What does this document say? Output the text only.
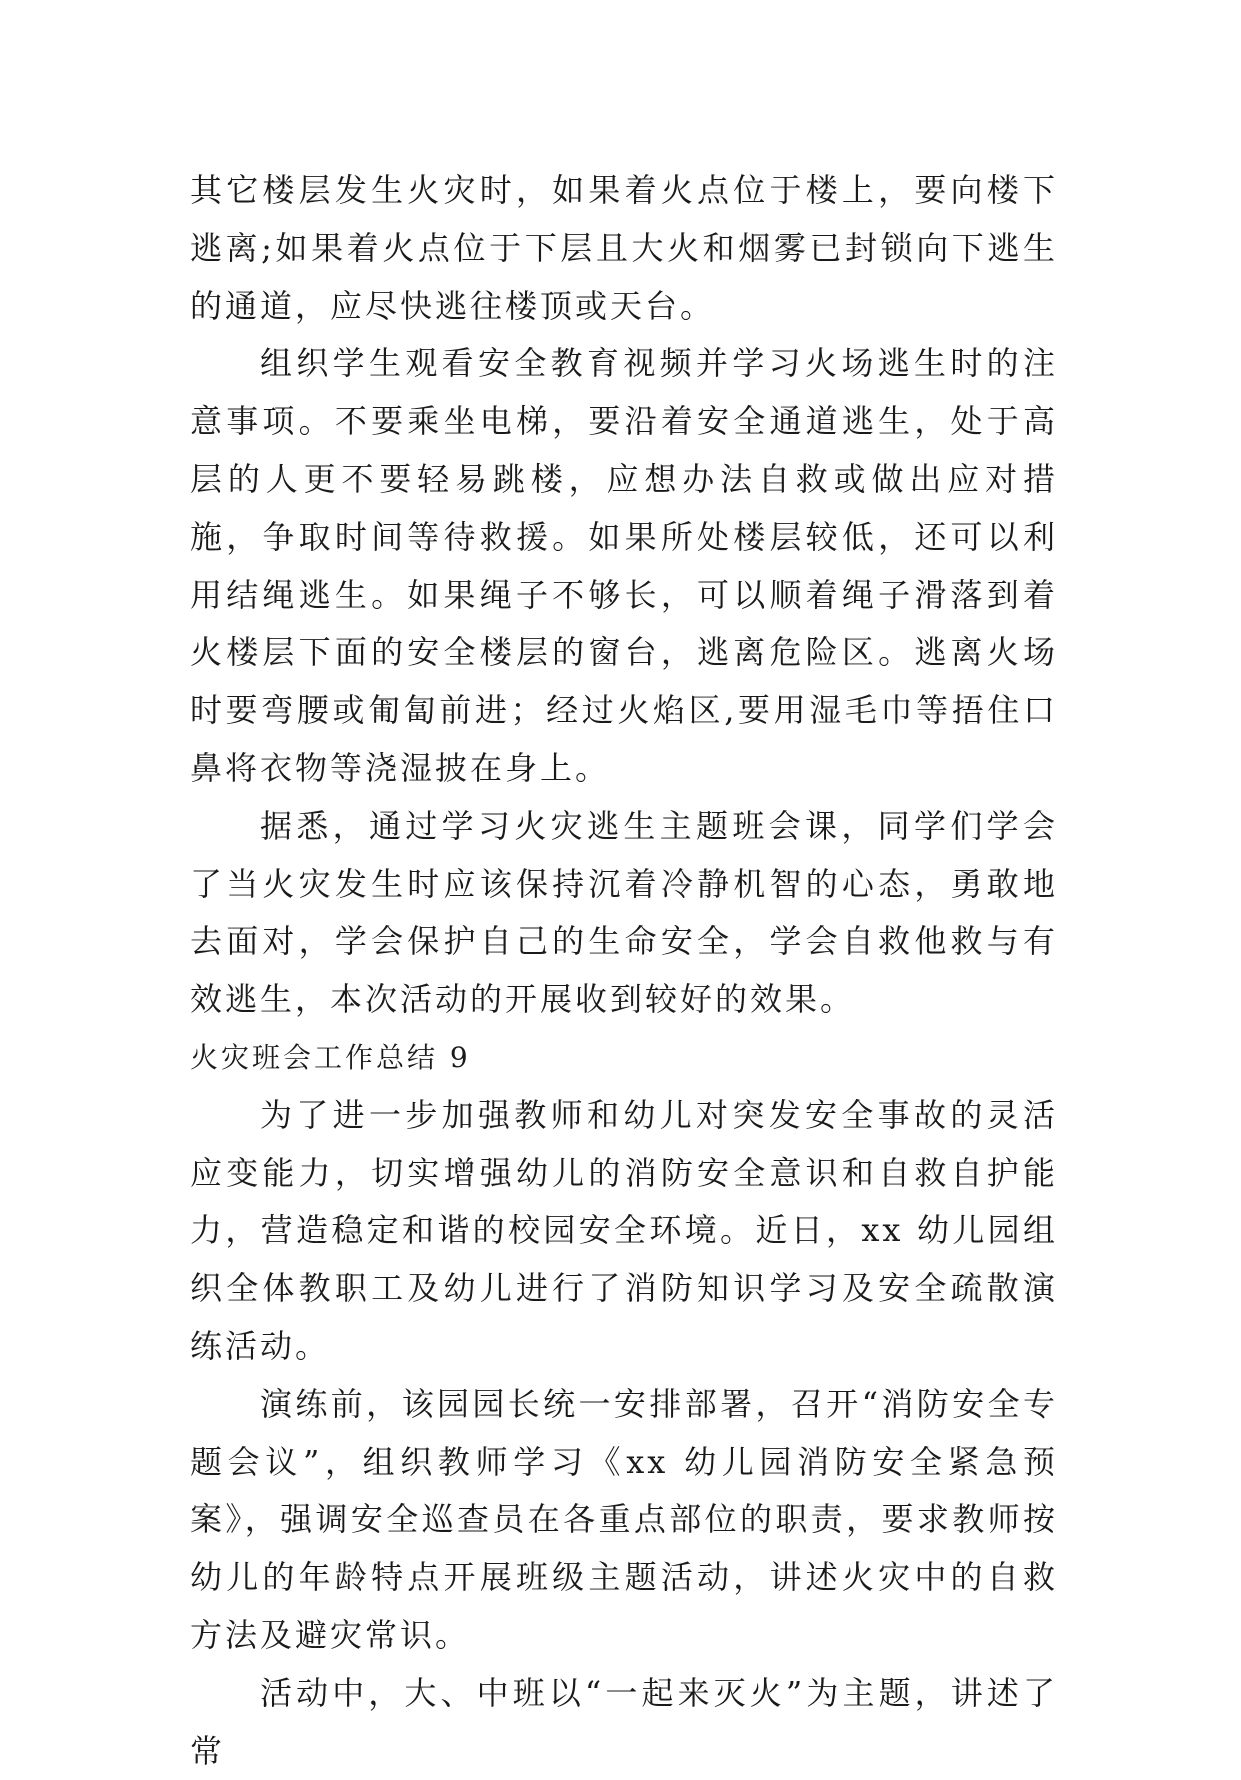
其它楼层发生火灾时，如果着火点位于楼上，要向楼下逃离;如果着火点位于下层且大火和烟雾已封锁向下逃生的通道，应尽快逃往楼顶或天台。

组织学生观看安全教育视频并学习火场逃生时的注意事项。不要乘坐电梯，要沿着安全通道逃生，处于高层的人更不要轻易跳楼，应想办法自救或做出应对措施，争取时间等待救援。如果所处楼层较低，还可以利用结绳逃生。如果绳子不够长，可以顺着绳子滑落到着火楼层下面的安全楼层的窗台，逃离危险区。逃离火场时要弯腰或匍匐前进；经过火焰区,要用湿毛巾等捂住口鼻将衣物等浇湿披在身上。

据悉，通过学习火灾逃生主题班会课，同学们学会了当火灾发生时应该保持沉着冷静机智的心态，勇敢地去面对，学会保护自己的生命安全，学会自救他救与有效逃生，本次活动的开展收到较好的效果。

火灾班会工作总结 9

为了进一步加强教师和幼儿对突发安全事故的灵活应变能力，切实增强幼儿的消防安全意识和自救自护能力，营造稳定和谐的校园安全环境。近日，xx 幼儿园组织全体教职工及幼儿进行了消防知识学习及安全疏散演练活动。

演练前，该园园长统一安排部署，召开“消防安全专题会议”，组织教师学习《xx 幼儿园消防安全紧急预案》，强调安全巡查员在各重点部位的职责，要求教师按幼儿的年龄特点开展班级主题活动，讲述火灾中的自救方法及避灾常识。

活动中，大、中班以“一起来灭火”为主题，讲述了常
